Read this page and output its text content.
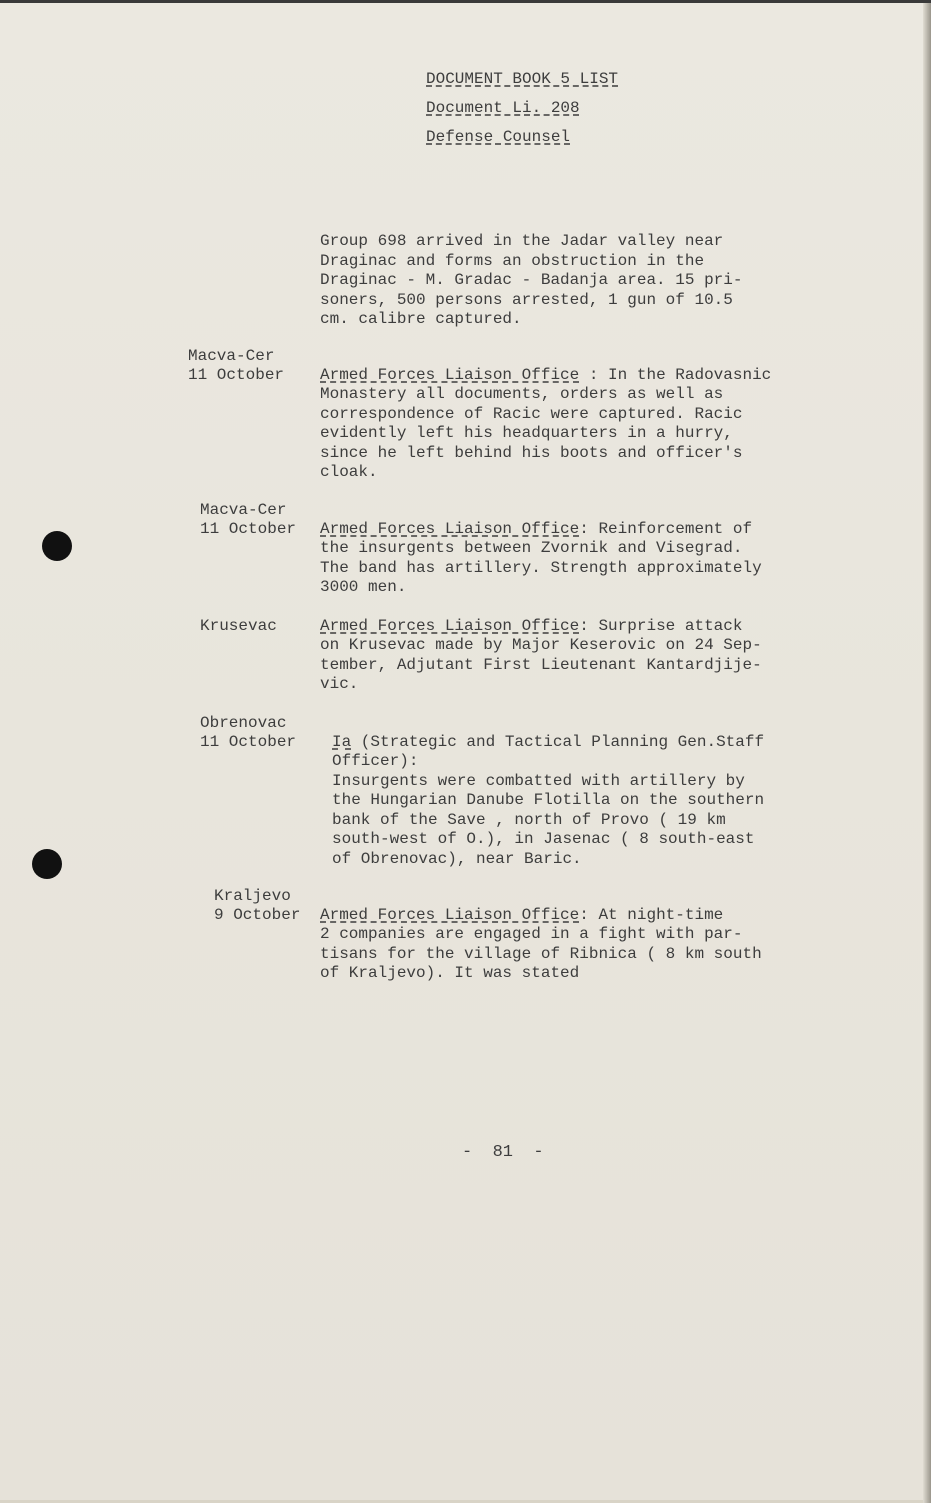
DOCUMENT BOOK 5 LIST
Document Li. 208
Defense Counsel
Group 698 arrived in the Jadar valley near
Draginac and forms an obstruction in the
Draginac - M. Gradac - Badanja area. 15 pri-
soners, 500 persons arrested, 1 gun of 10.5
cm. calibre captured.
Macva-Cer
11 October Armed Forces Liaison Office : In the Radovasnic
Monastery all documents, orders as well as
correspondence of Racic were captured. Racic
evidently left his headquarters in a hurry,
since he left behind his boots and officer's
cloak.
Macva-Cer
11 October Armed Forces Liaison Office: Reinforcement of
the insurgents between Zvornik and Visegrad.
The band has artillery. Strength approximately
3000 men.
Krusevac	Armed Forces Liaison Office: Surprise attack
on Krusevac made by Major Keserovic on 24 Sep-
tember, Adjutant First Lieutenant Kantardjije-
vic.
Obrenovac
11 October Ia (Strategic and Tactical Planning Gen.Staff
Officer):
Insurgents were combatted with artillery by
the Hungarian Danube Flotilla on the southern
bank of the Save , north of Provo ( 19 km
south-west of O.), in Jasenac ( 8 south-east
of Obrenovac), near Baric.
Kraljevo
9 October Armed Forces Liaison Office: At night-time
2 companies are engaged in a fight with par-
tisans for the village of Ribnica ( 8 km south
of Kraljevo). It was stated
-  81  -
